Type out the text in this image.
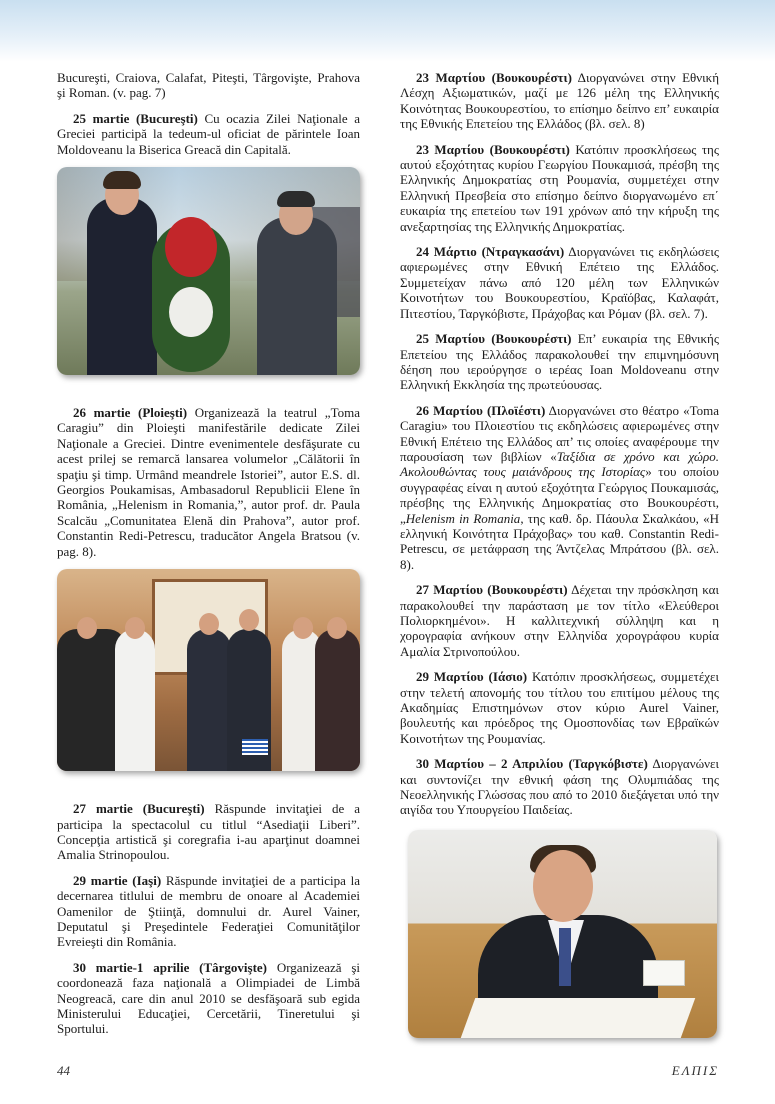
Bucureşti, Craiova, Calafat, Piteşti, Târgovişte, Prahova şi Roman. (v. pag. 7)

25 martie (Bucureşti) Cu ocazia Zilei Naţionale a Greciei participă la tedeum-ul oficiat de părintele Ioan Moldoveanu la Biserica Greacă din Capitală.

26 martie (Ploieşti) Organizează la teatrul „Toma Caragiu” din Ploieşti manifestările dedicate Zilei Naţionale a Greciei. Dintre evenimentele desfăşurate cu acest prilej se remarcă lansarea volumelor „Călătorii în spaţiu şi timp. Urmând meandrele Istoriei”, autor E.S. dl. Georgios Poukamisas, Ambasadorul Republicii Elene în România, „Helenism in Romania,”, autor prof. dr. Paula Scalcău „Comunitatea Elenă din Prahova”, autor prof. Constantin Redi-Petrescu, traducător Angela Bratsou (v. pag. 8).

27 martie (Bucureşti) Răspunde invitaţiei de a participa la spectacolul cu titlul “Asediaţii Liberi”. Concepţia artistică şi coregrafia i-au aparţinut doamnei Amalia Strinopoulou.

29 martie (Iaşi) Răspunde invitaţiei de a participa la decernarea titlului de membru de onoare al Academiei Oamenilor de Ştiinţă, domnului dr. Aurel Vainer, Deputatul şi Preşedintele Federaţiei Comunităţilor Evreieşti din România.

30 martie-1 aprilie (Târgovişte) Organizează şi coordonează faza naţională a Olimpiadei de Limbă Neogreacă, care din anul 2010 se desfăşoară sub egida Ministerului Educaţiei, Cercetării, Tineretului şi Sportului.

23 Μαρτίου (Βουκουρέστι) Διοργανώνει στην Εθνική Λέσχη Αξιωματικών, μαζί με 126 μέλη της Ελληνικής Κοινότητας Βουκουρεστίου, το επίσημο δείπνο επ’ ευκαιρία της Εθνικής Επετείου της Ελλάδος (βλ. σελ. 8)

23 Μαρτίου (Βουκουρέστι) Κατόπιν προσκλήσεως της αυτού εξοχότητας κυρίου Γεωργίου Πουκαμισά, πρέσβη της Ελληνικής Δημοκρατίας στη Ρουμανία, συμμετέχει στην Ελληνική Πρεσβεία στο επίσημο δείπνο διοργανωμένο επ΄ ευκαιρία της επετείου των 191 χρόνων από την κήρυξη της ανεξαρτησίας της Ελληνικής Δημοκρατίας.

24 Μάρτιο (Ντραγκασάνι) Διοργανώνει τις εκδηλώσεις αφιερωμένες στην Εθνική Επέτειο της Ελλάδος. Συμμετείχαν πάνω από 120 μέλη των Ελληνικών Κοινοτήτων του Βουκουρεστίου, Κραϊόβας, Καλαφάτ, Πιτεστίου, Ταργκόβιστε, Πράχοβας και Ρόμαν (βλ. σελ. 7).

25 Μαρτίου (Βουκουρέστι) Επ’ ευκαιρία της Εθνικής Επετείου της Ελλάδος παρακολουθεί την επιμνημόσυνη δέηση που ιερούργησε ο ιερέας Ioan Moldoveanu στην Ελληνική Εκκλησία της πρωτεύουσας.

26 Μαρτίου (Πλοϊέστι) Διοργανώνει στο θέατρο «Toma Caragiu» του Πλοιεστίου τις εκδηλώσεις αφιερωμένες στην Εθνική Επέτειο της Ελλάδος απ’ τις οποίες αναφέρουμε την παρουσίαση των βιβλίων «Ταξίδια σε χρόνο και χώρο. Ακολουθώντας τους μαιάνδρους της Ιστορίας» του οποίου συγγραφέας είναι η αυτού εξοχότητα Γεώργιος Πουκαμισάς, πρέσβης της Ελληνικής Δημοκρατίας στο Βουκουρέστι, „Helenism in Romania, της καθ. δρ. Πάουλα Σκαλκάου, «Η ελληνική Κοινότητα Πράχοβας» του καθ. Constantin Redi-Petrescu, σε μετάφραση της Άντζελας Μπράτσου (βλ. σελ. 8).

27 Μαρτίου (Βουκουρέστι) Δέχεται την πρόσκληση και παρακολουθεί την παράσταση με τον τίτλο «Ελεύθεροι Πολιορκημένοι». Η καλλιτεχνική σύλληψη και η χορογραφία ανήκουν στην Ελληνίδα χορογράφου κυρία Αμαλία Στρινοπούλου.

29 Μαρτίου (Ιάσιο) Κατόπιν προσκλήσεως, συμμετέχει στην τελετή απονομής του τίτλου του επιτίμου μέλους της Ακαδημίας Επιστημόνων στον κύριο Aurel Vainer, βουλευτής και πρόεδρος της Ομοσπονδίας των Εβραϊκών Κοινοτήτων της Ρουμανίας.

30 Μαρτίου – 2 Απριλίου (Ταργκόβιστε) Διοργανώνει και συντονίζει την εθνική φάση της Ολυμπιάδας της Νεοελληνικής Γλώσσας που από το 2010 διεξάγεται υπό την αιγίδα του Υπουργείου Παιδείας.

44	ΕΛΠΙΣ
